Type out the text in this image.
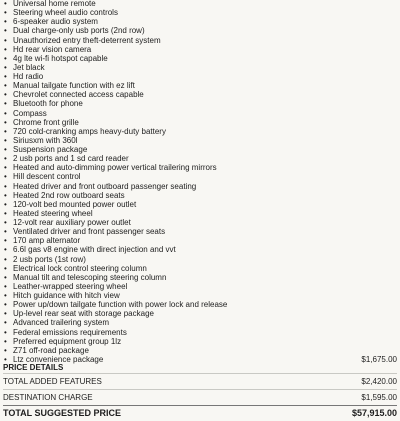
• Universal home remote
• Steering wheel audio controls
• 6-speaker audio system
• Dual charge-only usb ports (2nd row)
• Unauthorized entry theft-deterrent system
• Hd rear vision camera
• 4g lte wi-fi hotspot capable
• Jet black
• Hd radio
• Manual tailgate function with ez lift
• Chevrolet connected access capable
• Bluetooth for phone
• Compass
• Chrome front grille
• 720 cold-cranking amps heavy-duty battery
• Siriusxm with 360l
• Suspension package
• 2 usb ports and 1 sd card reader
• Heated and auto-dimming power vertical trailering mirrors
• Hill descent control
• Heated driver and front outboard passenger seating
• Heated 2nd row outboard seats
• 120-volt bed mounted power outlet
• Heated steering wheel
• 12-volt rear auxiliary power outlet
• Ventilated driver and front passenger seats
• 170 amp alternator
• 6.6l gas v8 engine with direct injection and vvt
• 2 usb ports (1st row)
• Electrical lock control steering column
• Manual tilt and telescoping steering column
• Leather-wrapped steering wheel
• Hitch guidance with hitch view
• Power up/down tailgate function with power lock and release
• Up-level rear seat with storage package
• Advanced trailering system
• Federal emissions requirements
• Preferred equipment group 1lz
• Z71 off-road package
• Ltz convenience package	$1,675.00
PRICE DETAILS
TOTAL ADDED FEATURES	$2,420.00
DESTINATION CHARGE	$1,595.00
TOTAL SUGGESTED PRICE	$57,915.00
